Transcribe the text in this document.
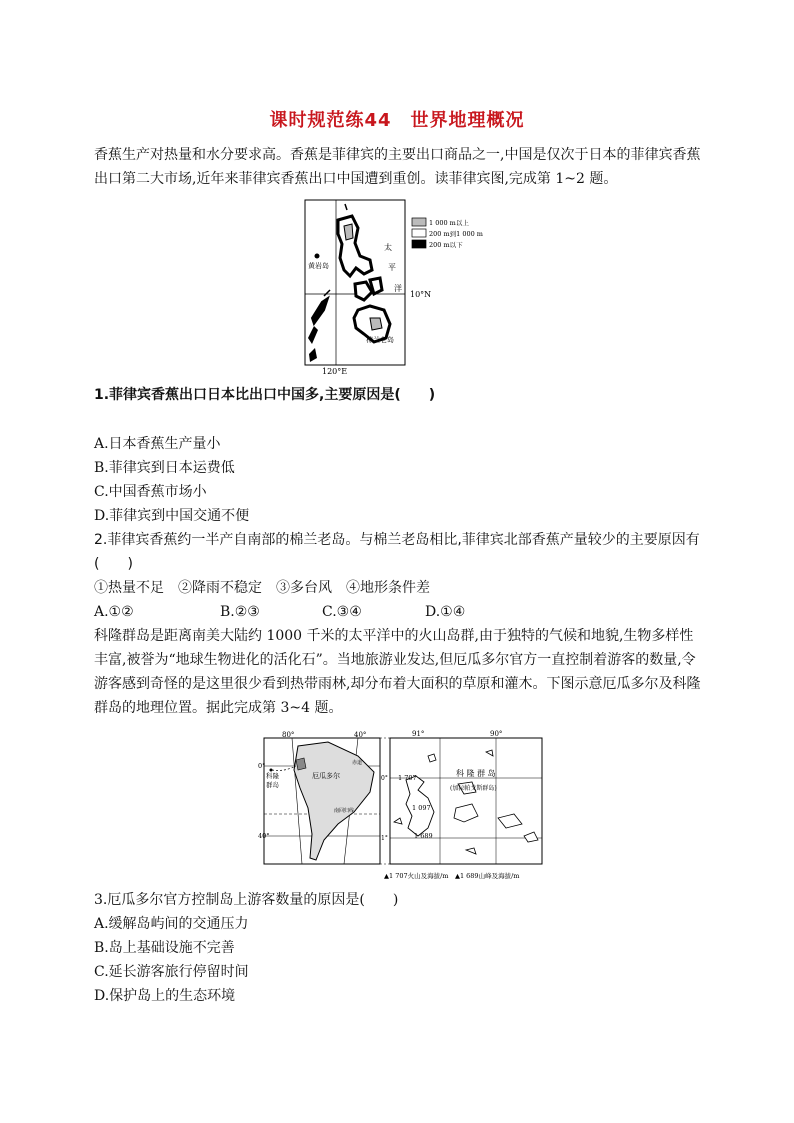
课时规范练44　世界地理概况

香蕉生产对热量和水分要求高。香蕉是菲律宾的主要出口商品之一,中国是仅次于日本的菲律宾香蕉出口第二大市场,近年来菲律宾香蕉出口中国遭到重创。读菲律宾图,完成第 1~2 题。

黄岩岛
太
平
洋
棉兰老岛
10°N
120°E
1 000 m以上
200 m到1 000 m
200 m以下

1.菲律宾香蕉出口日本比出口中国多,主要原因是(　　)

A.日本香蕉生产量小
B.菲律宾到日本运费低
C.中国香蕉市场小
D.菲律宾到中国交通不便

2.菲律宾香蕉约一半产自南部的棉兰老岛。与棉兰老岛相比,菲律宾北部香蕉产量较少的主要原因有(　　)

①热量不足　②降雨不稳定　③多台风　④地形条件差
A.①②	B.②③	C.③④	D.①④

科隆群岛是距离南美大陆约 1000 千米的太平洋中的火山岛群,由于独特的气候和地貌,生物多样性丰富,被誉为“地球生物进化的活化石”。当地旅游业发达,但厄瓜多尔官方一直控制着游客的数量,令游客感到奇怪的是这里很少看到热带雨林,却分布着大面积的草原和灌木。下图示意厄瓜多尔及科隆群岛的地理位置。据此完成第 3~4 题。

80°	40°
0°
40°
科隆
群岛
厄瓜多尔
赤道
南回归线
91°	90°
0°
1°
科 隆 群 岛
(加拉帕戈斯群岛)
1 707
1 097
1 689
▲1 707火山及海拔/m　▲1 689山峰及海拔/m

3.厄瓜多尔官方控制岛上游客数量的原因是(　　)

A.缓解岛屿间的交通压力
B.岛上基础设施不完善
C.延长游客旅行停留时间
D.保护岛上的生态环境
